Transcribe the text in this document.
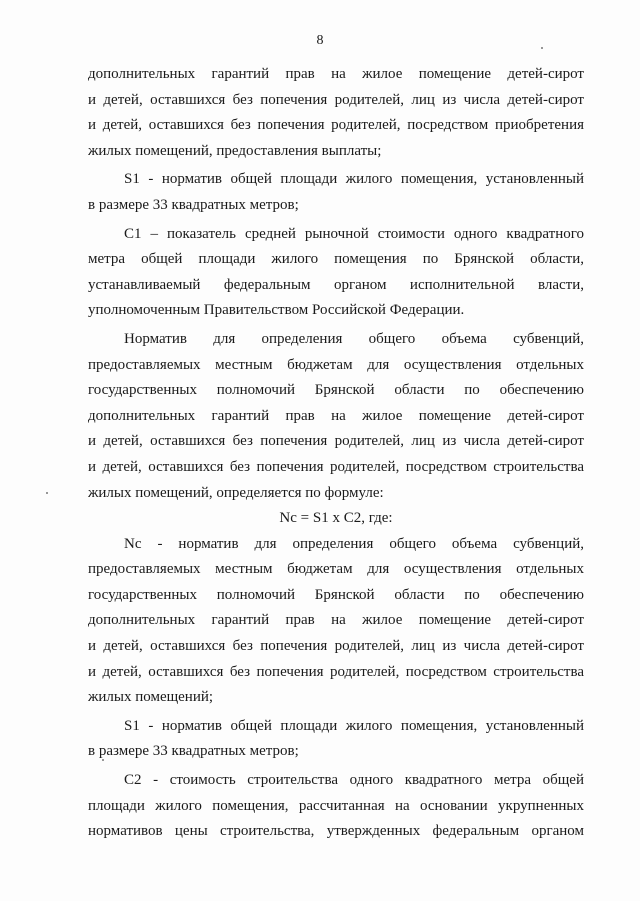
8
дополнительных гарантий прав на жилое помещение детей-сирот
и детей, оставшихся без попечения родителей, лиц из числа детей-сирот
и детей, оставшихся без попечения родителей, посредством приобретения
жилых помещений, предоставления выплаты;
S1 - норматив общей площади жилого помещения, установленный
в размере 33 квадратных метров;
C1 – показатель средней рыночной стоимости одного квадратного
метра общей площади жилого помещения по Брянской области,
устанавливаемый федеральным органом исполнительной власти,
уполномоченным Правительством Российской Федерации.
Норматив для определения общего объема субвенций,
предоставляемых местным бюджетам для осуществления отдельных
государственных полномочий Брянской области по обеспечению
дополнительных гарантий прав на жилое помещение детей-сирот
и детей, оставшихся без попечения родителей, лиц из числа детей-сирот
и детей, оставшихся без попечения родителей, посредством строительства
жилых помещений, определяется по формуле:
Nc = S1 x C2, где:
Nc - норматив для определения общего объема субвенций,
предоставляемых местным бюджетам для осуществления отдельных
государственных полномочий Брянской области по обеспечению
дополнительных гарантий прав на жилое помещение детей-сирот
и детей, оставшихся без попечения родителей, лиц из числа детей-сирот
и детей, оставшихся без попечения родителей, посредством строительства
жилых помещений;
S1 - норматив общей площади жилого помещения, установленный
в размере 33 квадратных метров;
C2 - стоимость строительства одного квадратного метра общей
площади жилого помещения, рассчитанная на основании укрупненных
нормативов цены строительства, утвержденных федеральным органом
